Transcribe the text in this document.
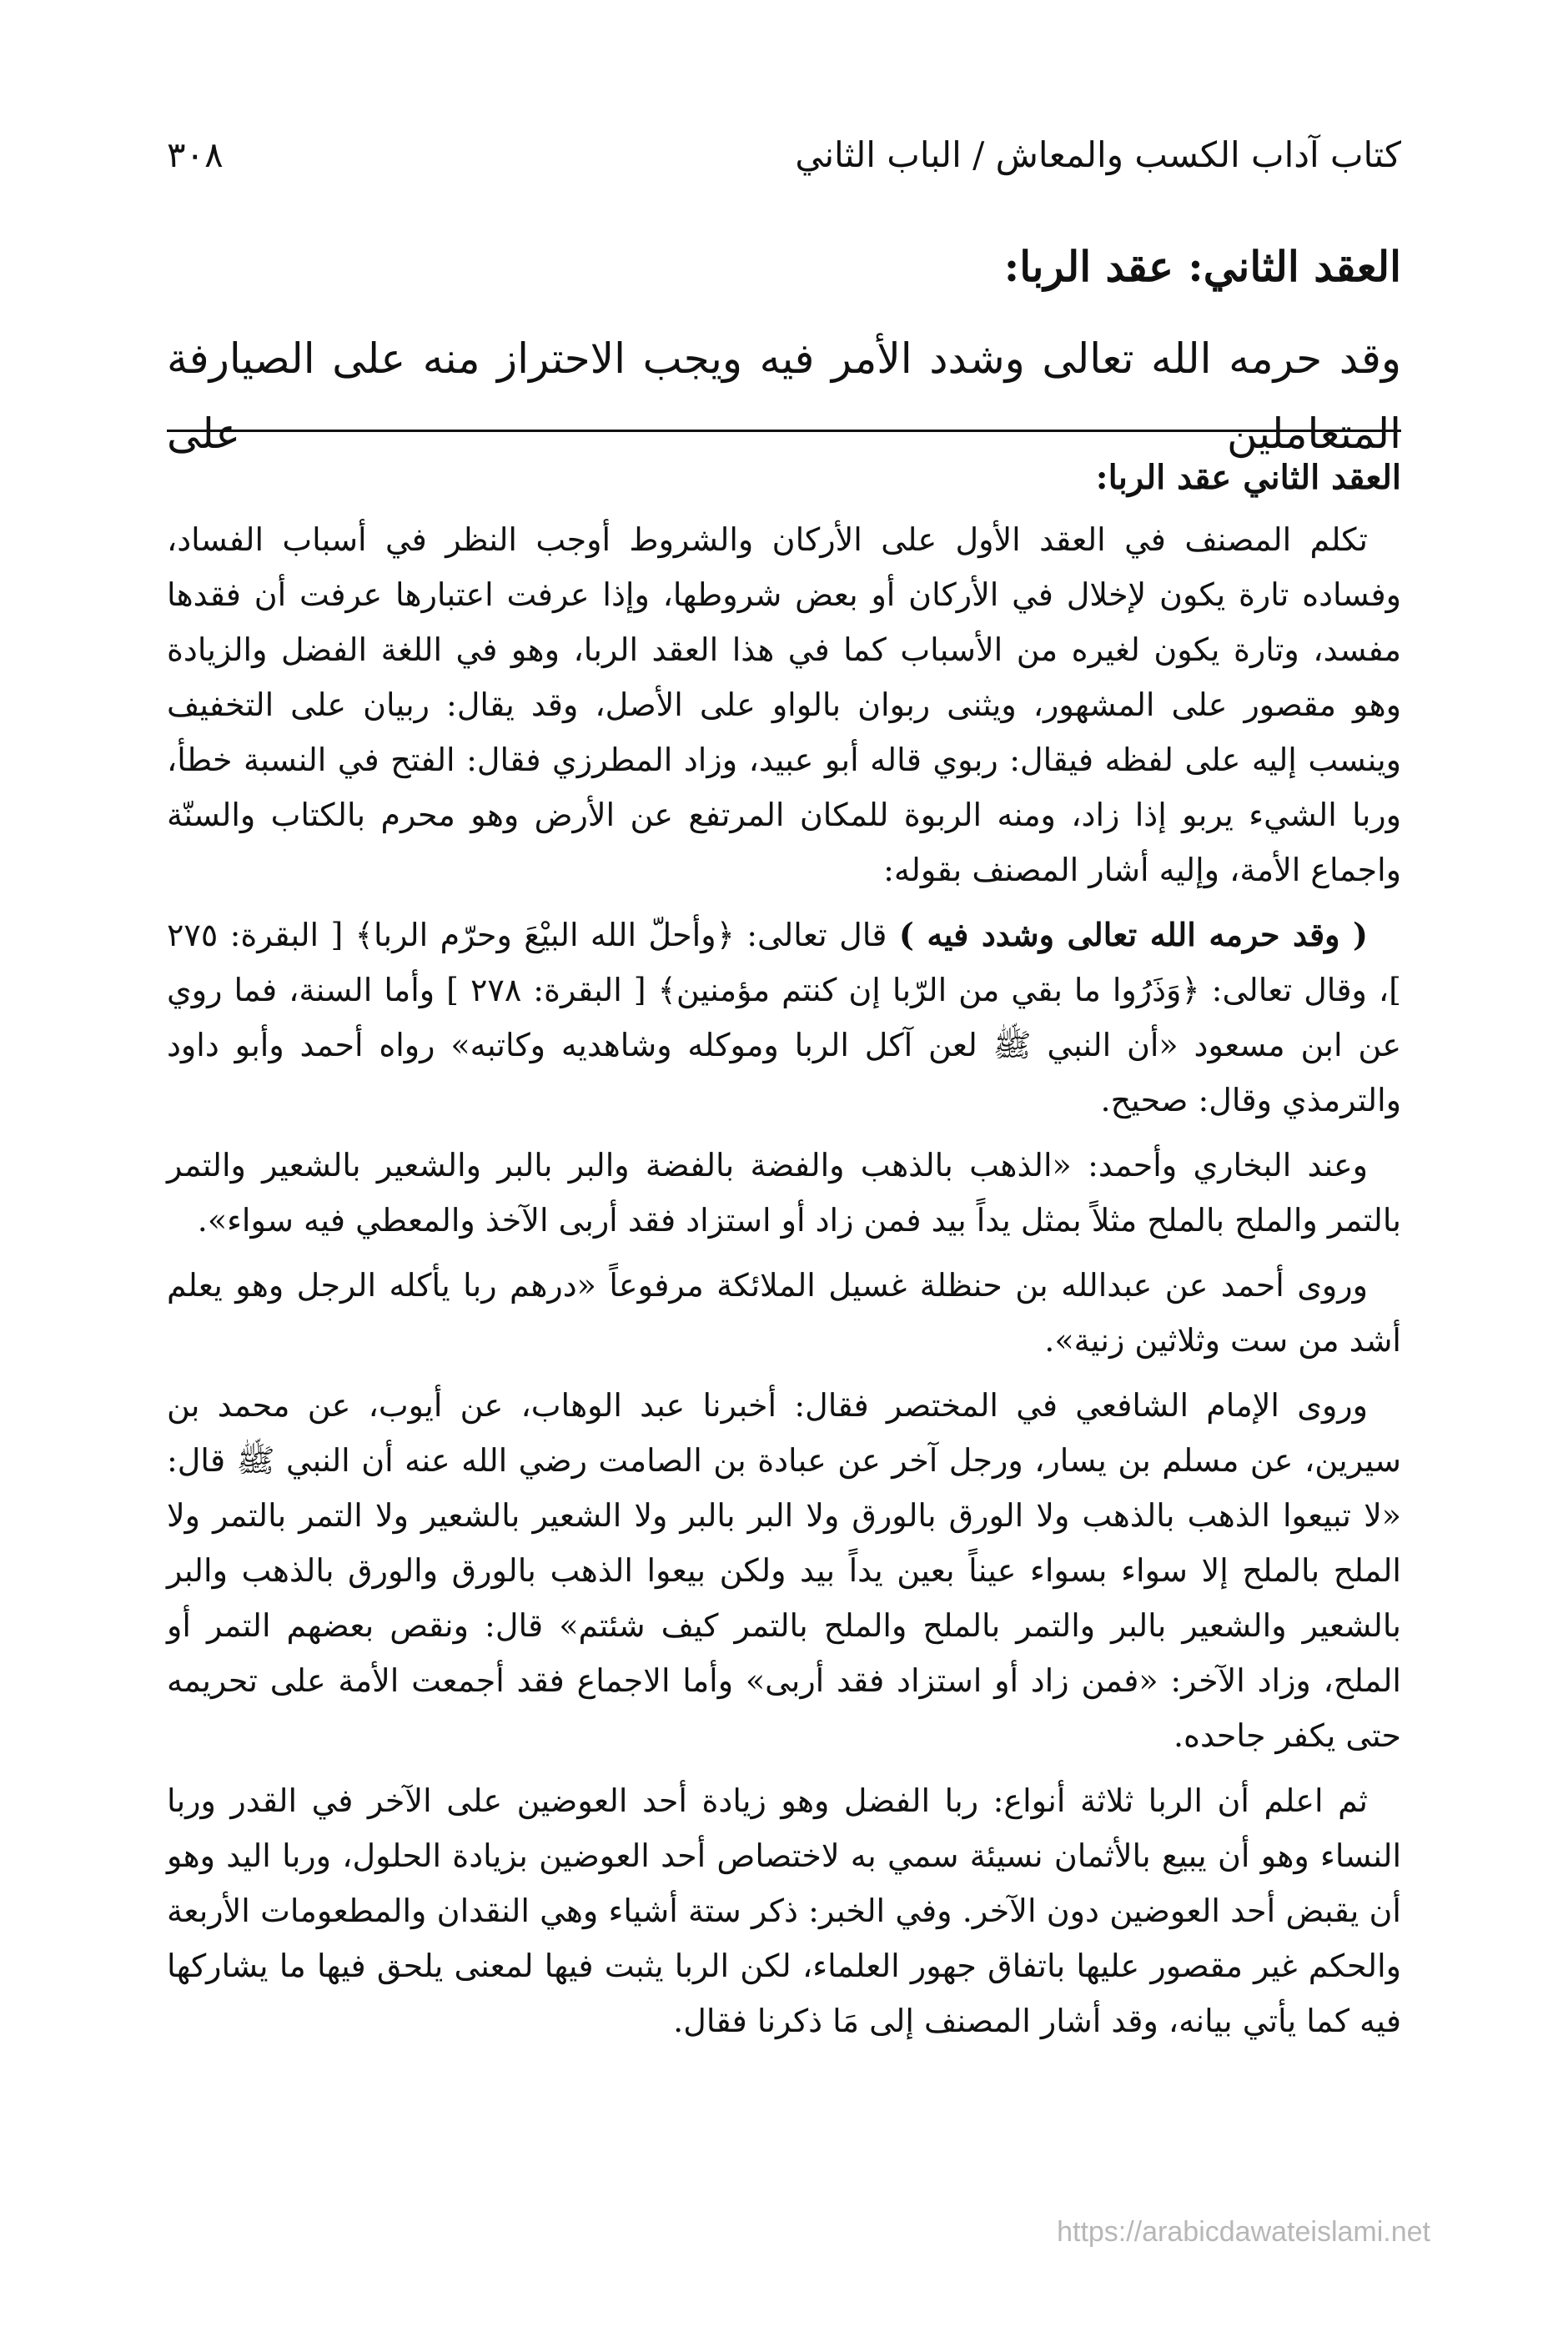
كتاب آداب الكسب والمعاش / الباب الثاني
٣٠٨
العقد الثاني: عقد الربا:
وقد حرمه الله تعالى وشدد الأمر فيه ويجب الاحتراز منه على الصيارفة المتعاملين على
العقد الثاني عقد الربا:

تكلم المصنف في العقد الأول على الأركان والشروط أوجب النظر في أسباب الفساد، وفساده تارة يكون لإخلال في الأركان أو بعض شروطها، وإذا عرفت اعتبارها عرفت أن فقدها مفسد، وتارة يكون لغيره من الأسباب كما في هذا العقد الربا، وهو في اللغة الفضل والزيادة وهو مقصور على المشهور، ويثنى ربوان بالواو على الأصل، وقد يقال: ربيان على التخفيف وينسب إليه على لفظه فيقال: ربوي قاله أبو عبيد، وزاد المطرزي فقال: الفتح في النسبة خطأ، وربا الشيء يربو إذا زاد، ومنه الربوة للمكان المرتفع عن الأرض وهو محرم بالكتاب والسنّة واجماع الأمة، وإليه أشار المصنف بقوله:

( وقد حرمه الله تعالى وشدد فيه ) قال تعالى: ﴿وأحلّ الله البيْعَ وحرّم الربا﴾ [ البقرة: ٢٧٥ ]، وقال تعالى: ﴿وَذَرُوا ما بقي من الرّبا إن كنتم مؤمنين﴾ [ البقرة: ٢٧٨ ] وأما السنة، فما روي عن ابن مسعود «أن النبي ﷺ لعن آكل الربا وموكله وشاهديه وكاتبه» رواه أحمد وأبو داود والترمذي وقال: صحيح.

وعند البخاري وأحمد: «الذهب بالذهب والفضة بالفضة والبر بالبر والشعير بالشعير والتمر بالتمر والملح بالملح مثلاً بمثل يداً بيد فمن زاد أو استزاد فقد أربى الآخذ والمعطي فيه سواء».

وروى أحمد عن عبدالله بن حنظلة غسيل الملائكة مرفوعاً «درهم ربا يأكله الرجل وهو يعلم أشد من ست وثلاثين زنية».

وروى الإمام الشافعي في المختصر فقال: أخبرنا عبد الوهاب، عن أيوب، عن محمد بن سيرين، عن مسلم بن يسار، ورجل آخر عن عبادة بن الصامت رضي الله عنه أن النبي ﷺ قال: «لا تبيعوا الذهب بالذهب ولا الورق بالورق ولا البر بالبر ولا الشعير بالشعير ولا التمر بالتمر ولا الملح بالملح إلا سواء بسواء عيناً بعين يداً بيد ولكن بيعوا الذهب بالورق والورق بالذهب والبر بالشعير والشعير بالبر والتمر بالملح والملح بالتمر كيف شئتم» قال: ونقص بعضهم التمر أو الملح، وزاد الآخر: «فمن زاد أو استزاد فقد أربى» وأما الاجماع فقد أجمعت الأمة على تحريمه حتى يكفر جاحده.

ثم اعلم أن الربا ثلاثة أنواع: ربا الفضل وهو زيادة أحد العوضين على الآخر في القدر وربا النساء وهو أن يبيع بالأثمان نسيئة سمي به لاختصاص أحد العوضين بزيادة الحلول، وربا اليد وهو أن يقبض أحد العوضين دون الآخر. وفي الخبر: ذكر ستة أشياء وهي النقدان والمطعومات الأربعة والحكم غير مقصور عليها باتفاق جهور العلماء، لكن الربا يثبت فيها لمعنى يلحق فيها ما يشاركها فيه كما يأتي بيانه، وقد أشار المصنف إلى مَا ذكرنا فقال.

https://arabicdawateislami.net
